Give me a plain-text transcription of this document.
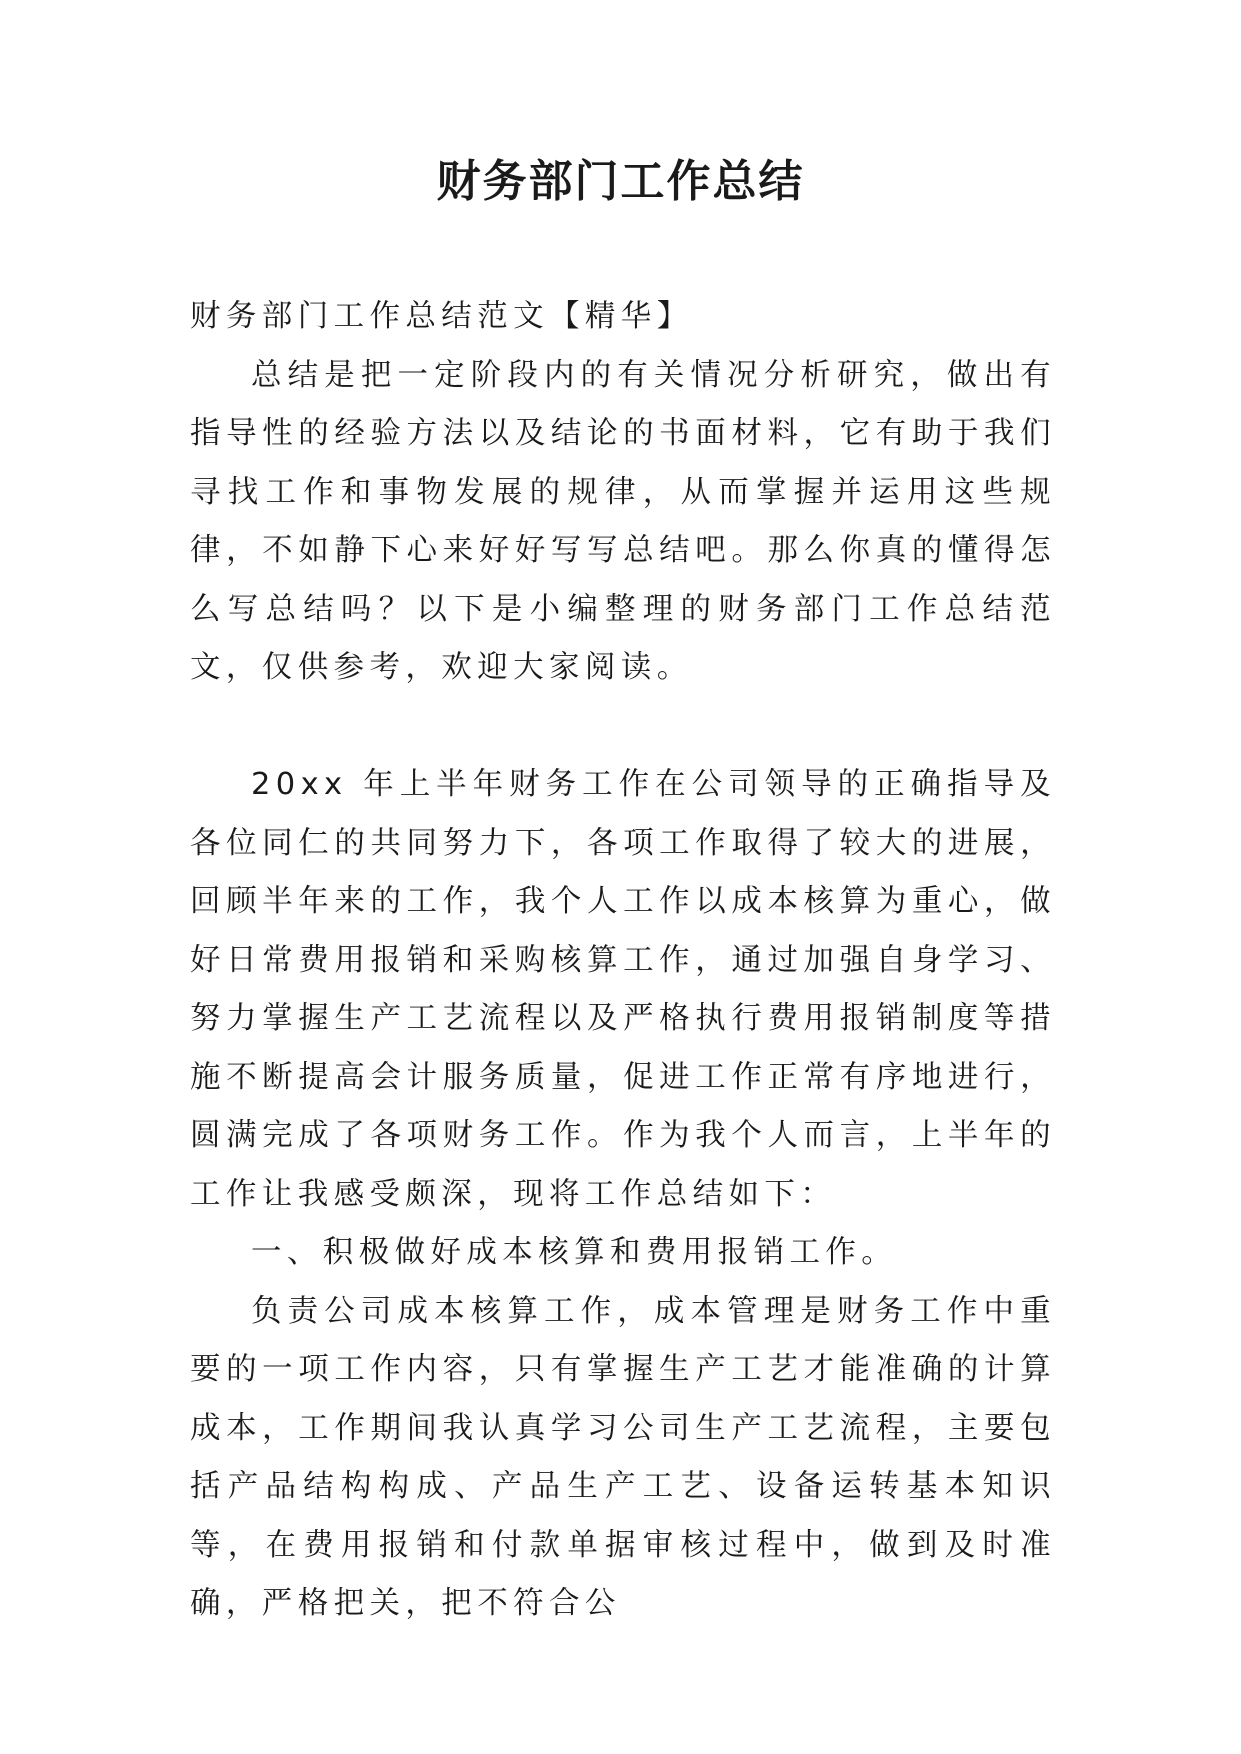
财务部门工作总结

财务部门工作总结范文【精华】

总结是把一定阶段内的有关情况分析研究，做出有指导性的经验方法以及结论的书面材料，它有助于我们寻找工作和事物发展的规律，从而掌握并运用这些规律，不如静下心来好好写写总结吧。那么你真的懂得怎么写总结吗？以下是小编整理的财务部门工作总结范文，仅供参考，欢迎大家阅读。

20xx 年上半年财务工作在公司领导的正确指导及各位同仁的共同努力下，各项工作取得了较大的进展，回顾半年来的工作，我个人工作以成本核算为重心，做好日常费用报销和采购核算工作，通过加强自身学习、努力掌握生产工艺流程以及严格执行费用报销制度等措施不断提高会计服务质量，促进工作正常有序地进行，圆满完成了各项财务工作。作为我个人而言，上半年的工作让我感受颇深，现将工作总结如下：

一、积极做好成本核算和费用报销工作。

负责公司成本核算工作，成本管理是财务工作中重要的一项工作内容，只有掌握生产工艺才能准确的计算成本，工作期间我认真学习公司生产工艺流程，主要包括产品结构构成、产品生产工艺、设备运转基本知识等，在费用报销和付款单据审核过程中，做到及时准确，严格把关，把不符合公
